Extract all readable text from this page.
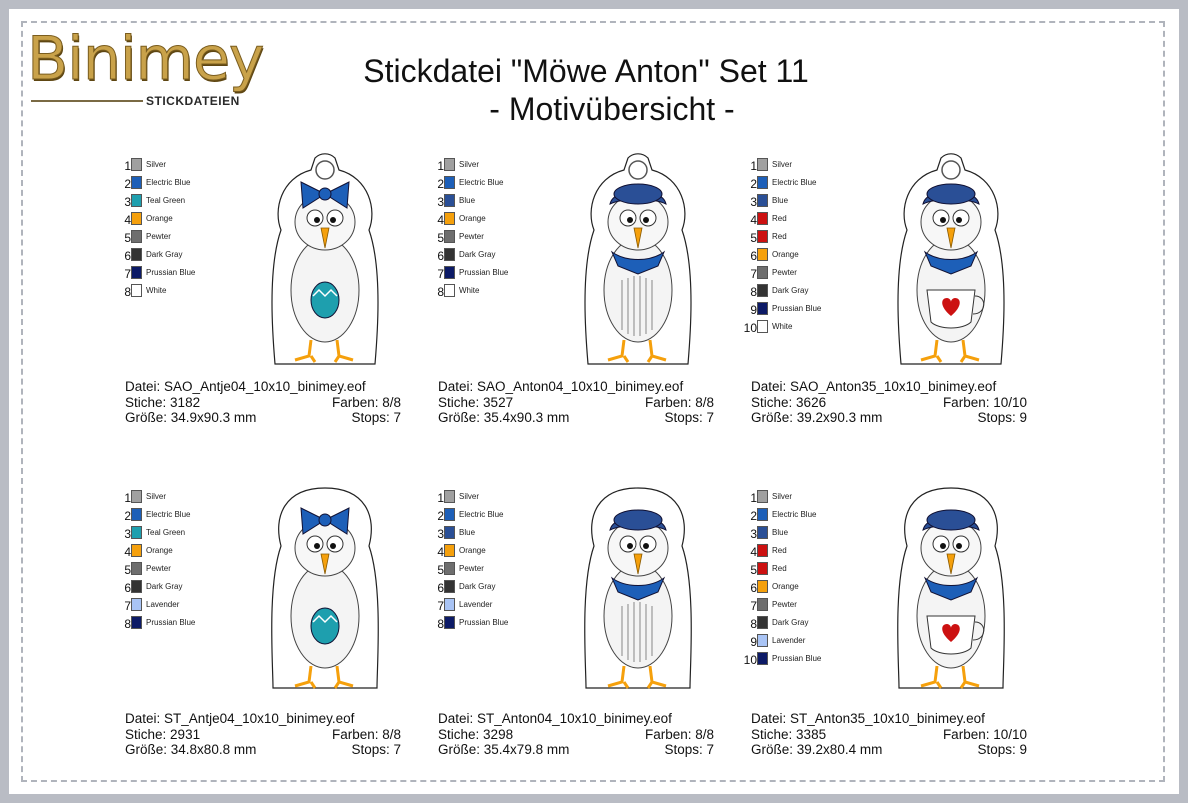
Binimey
STICKDATEIEN
Stickdatei "Möwe Anton" Set 11
- Motivübersicht -
1 Silver
2 Electric Blue
3 Teal Green
4 Orange
5 Pewter
6 Dark Gray
7 Prussian Blue
8 White
Datei: SAO_Antje04_10x10_binimey.eof
Stiche: 3182	Farben: 8/8
Größe: 34.9x90.3 mm	Stops: 7
1 Silver
2 Electric Blue
3 Blue
4 Orange
5 Pewter
6 Dark Gray
7 Prussian Blue
8 White
Datei: SAO_Anton04_10x10_binimey.eof
Stiche: 3527	Farben: 8/8
Größe: 35.4x90.3 mm	Stops: 7
1 Silver
2 Electric Blue
3 Blue
4 Red
5 Red
6 Orange
7 Pewter
8 Dark Gray
9 Prussian Blue
10 White
Datei: SAO_Anton35_10x10_binimey.eof
Stiche: 3626	Farben: 10/10
Größe: 39.2x90.3 mm	Stops: 9
1 Silver
2 Electric Blue
3 Teal Green
4 Orange
5 Pewter
6 Dark Gray
7 Lavender
8 Prussian Blue
Datei: ST_Antje04_10x10_binimey.eof
Stiche: 2931	Farben: 8/8
Größe: 34.8x80.8 mm	Stops: 7
1 Silver
2 Electric Blue
3 Blue
4 Orange
5 Pewter
6 Dark Gray
7 Lavender
8 Prussian Blue
Datei: ST_Anton04_10x10_binimey.eof
Stiche: 3298	Farben: 8/8
Größe: 35.4x79.8 mm	Stops: 7
1 Silver
2 Electric Blue
3 Blue
4 Red
5 Red
6 Orange
7 Pewter
8 Dark Gray
9 Lavender
10 Prussian Blue
Datei: ST_Anton35_10x10_binimey.eof
Stiche: 3385	Farben: 10/10
Größe: 39.2x80.4 mm	Stops: 9
